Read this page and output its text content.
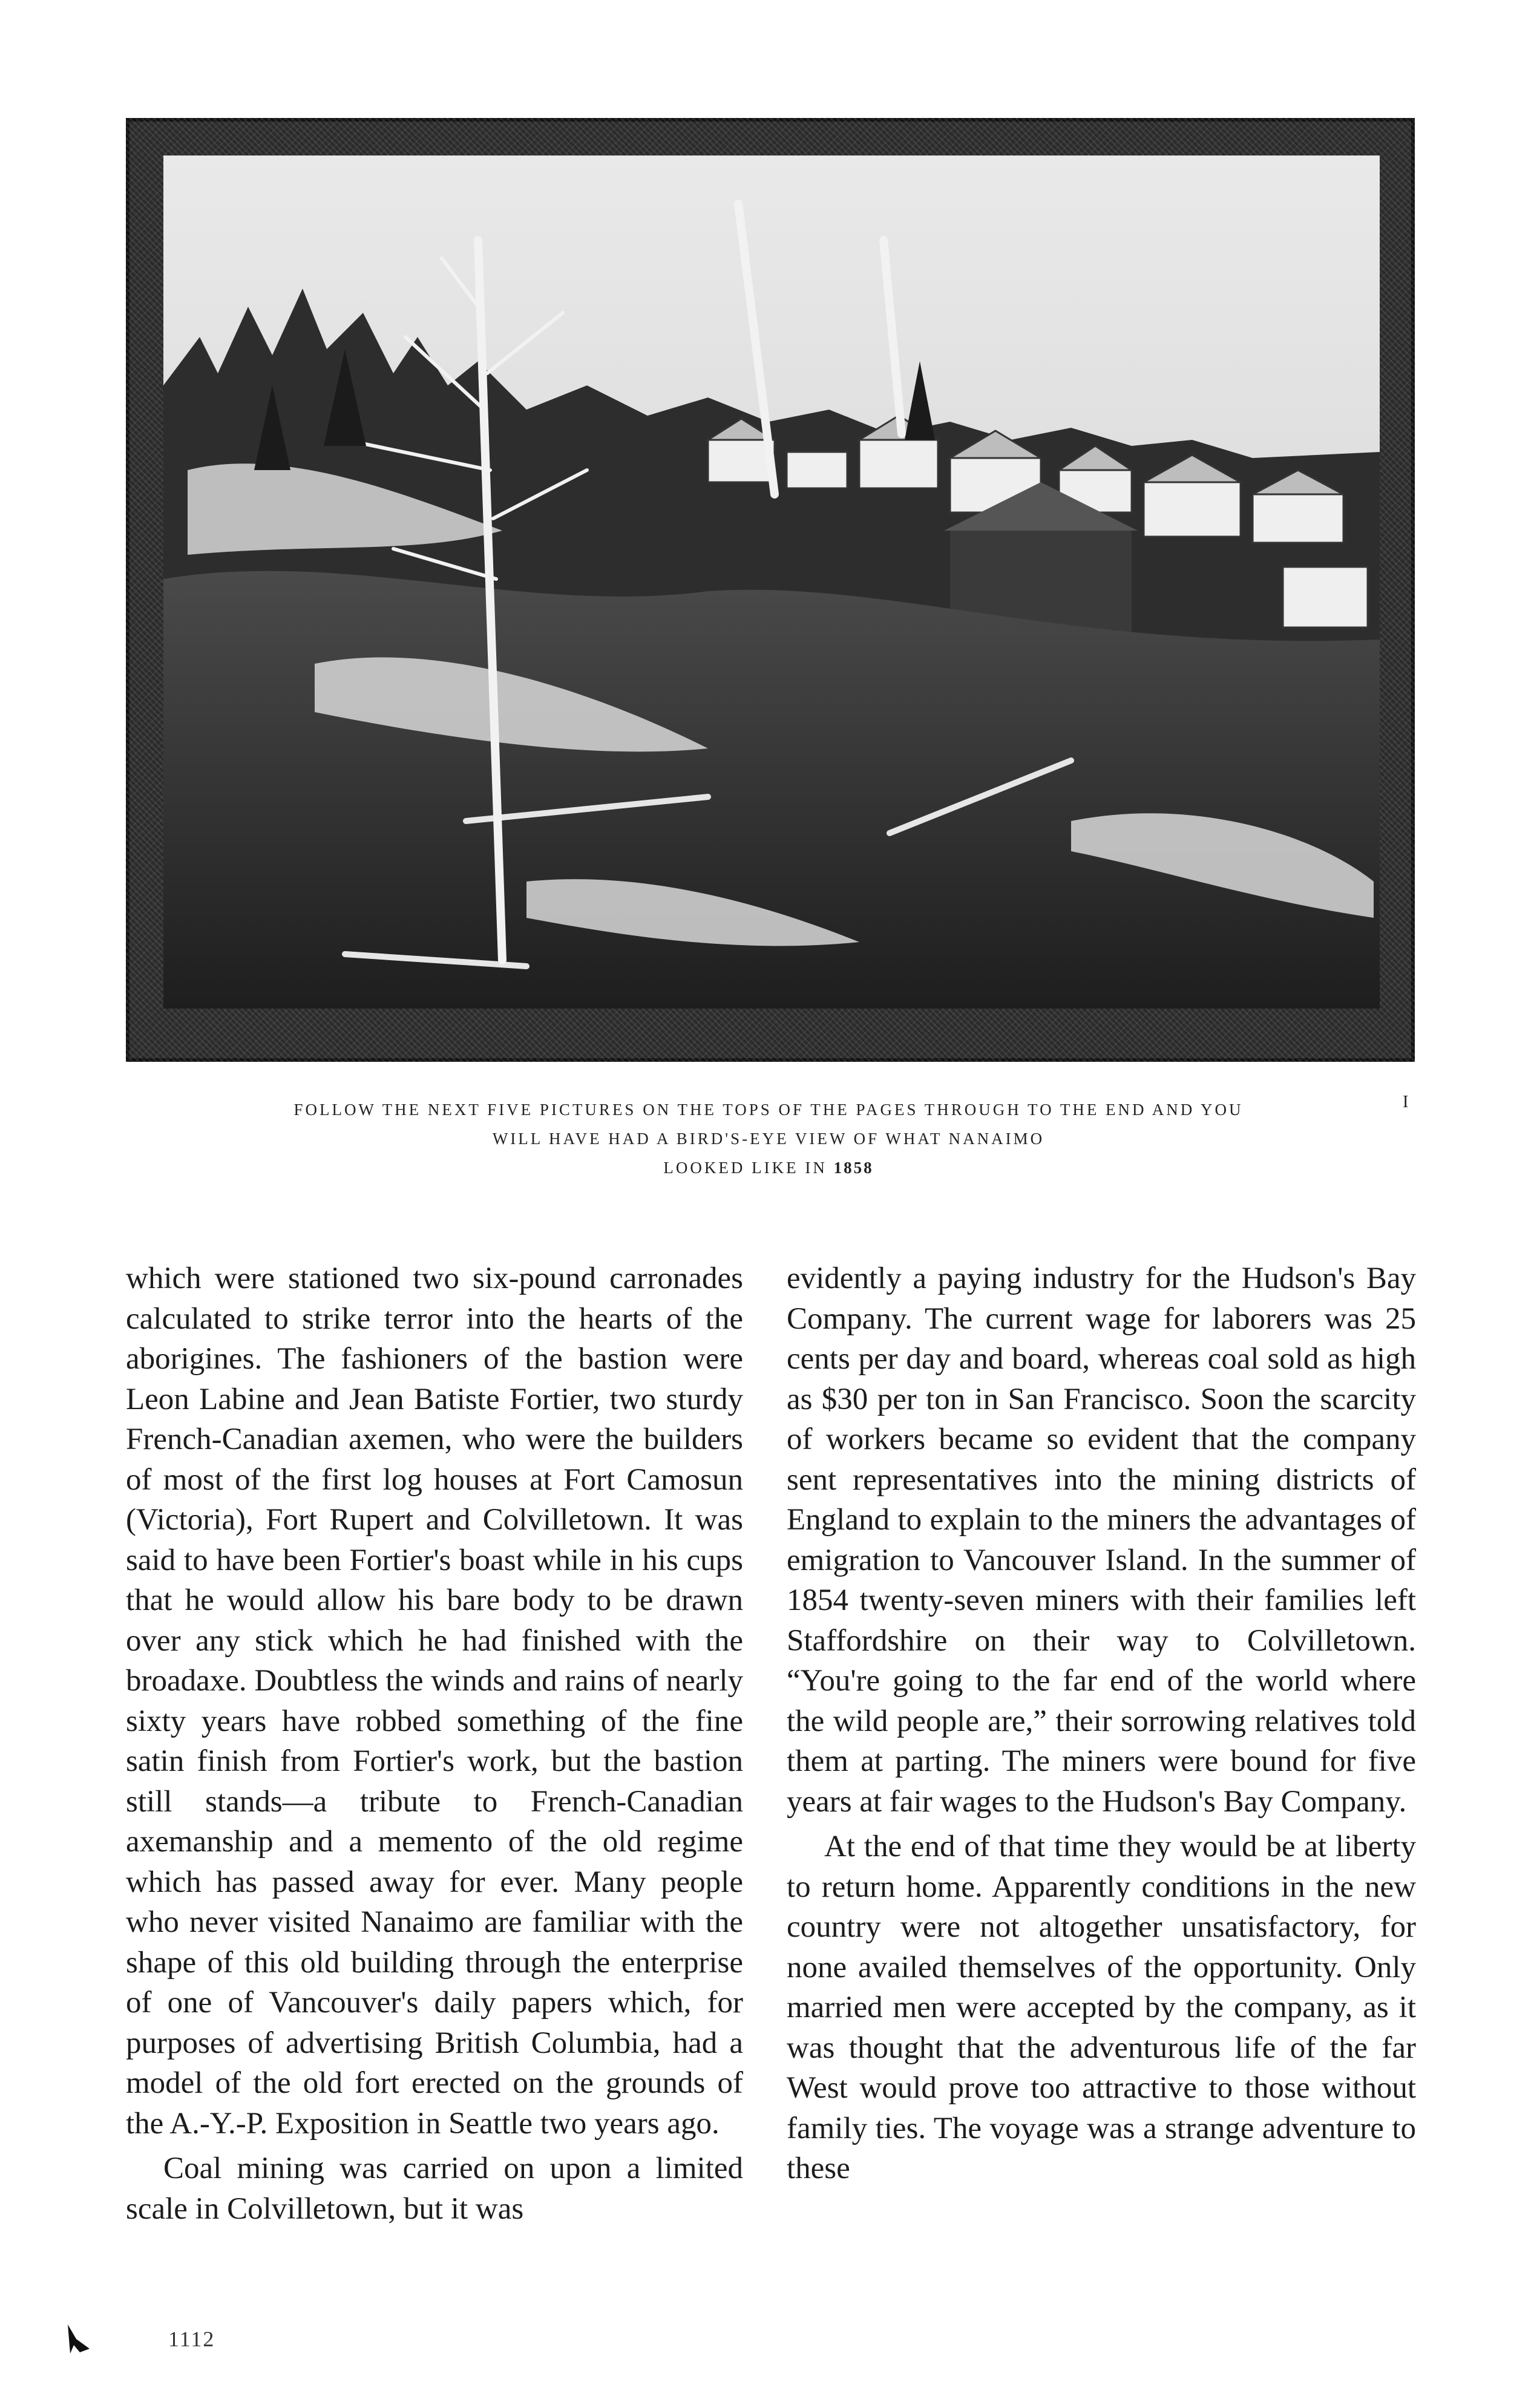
FOLLOW THE NEXT FIVE PICTURES ON THE TOPS OF THE PAGES THROUGH TO THE END AND YOU
WILL HAVE HAD A BIRD'S-EYE VIEW OF WHAT NANAIMO
LOOKED LIKE IN 1858
I

which were stationed two six-pound carronades calculated to strike terror into the hearts of the aborigines. The fashioners of the bastion were Leon Labine and Jean Batiste Fortier, two sturdy French-Canadian axemen, who were the builders of most of the first log houses at Fort Camosun (Victoria), Fort Rupert and Colvilletown. It was said to have been Fortier's boast while in his cups that he would allow his bare body to be drawn over any stick which he had finished with the broadaxe. Doubtless the winds and rains of nearly sixty years have robbed something of the fine satin finish from Fortier's work, but the bastion still stands—a tribute to French-Canadian axemanship and a memento of the old regime which has passed away for ever. Many people who never visited Nanaimo are familiar with the shape of this old building through the enterprise of one of Vancouver's daily papers which, for purposes of advertising British Columbia, had a model of the old fort erected on the grounds of the A.-Y.-P. Exposition in Seattle two years ago.

Coal mining was carried on upon a limited scale in Colvilletown, but it was

evidently a paying industry for the Hudson's Bay Company. The current wage for laborers was 25 cents per day and board, whereas coal sold as high as $30 per ton in San Francisco. Soon the scarcity of workers became so evident that the company sent representatives into the mining districts of England to explain to the miners the advantages of emigration to Vancouver Island. In the summer of 1854 twenty-seven miners with their families left Staffordshire on their way to Colvilletown. “You're going to the far end of the world where the wild people are,” their sorrowing relatives told them at parting. The miners were bound for five years at fair wages to the Hudson's Bay Company.

At the end of that time they would be at liberty to return home. Apparently conditions in the new country were not altogether unsatisfactory, for none availed themselves of the opportunity. Only married men were accepted by the company, as it was thought that the adventurous life of the far West would prove too attractive to those without family ties. The voyage was a strange adventure to these

1112
